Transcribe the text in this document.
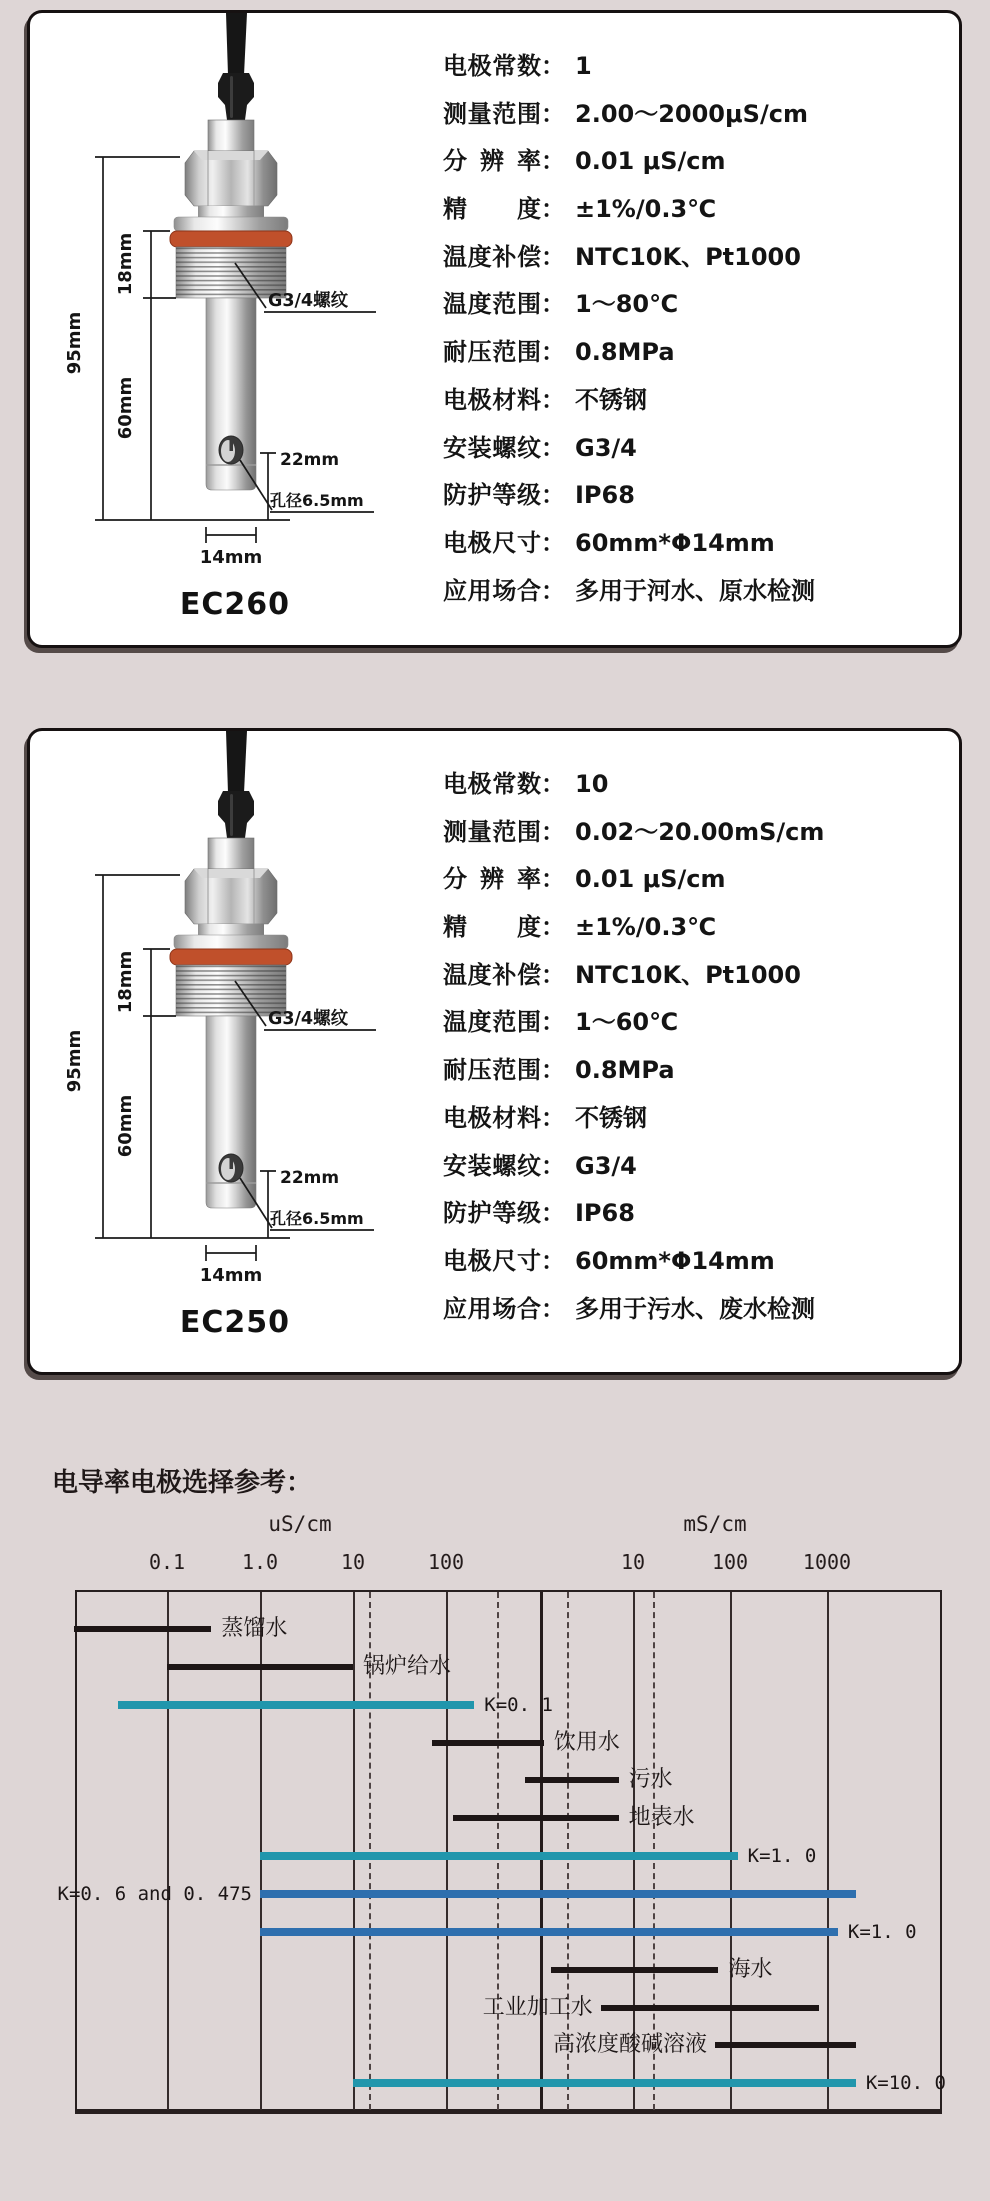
95mm
18mm
60mm
22mm
孔径6.5mm
14mm
G3/4螺纹
EC260
电极常数： 1
测量范围： 2.00～2000μS/cm
分辨率： 0.01 μS/cm
精度： ±1%/0.3℃
温度补偿： NTC10K、Pt1000
温度范围： 1～80℃
耐压范围： 0.8MPa
电极材料： 不锈钢
安装螺纹： G3/4
防护等级： IP68
电极尺寸： 60mm*Φ14mm
应用场合： 多用于河水、原水检测
95mm
18mm
60mm
22mm
孔径6.5mm
14mm
G3/4螺纹
EC250
电极常数： 10
测量范围： 0.02～20.00mS/cm
分辨率： 0.01 μS/cm
精度： ±1%/0.3℃
温度补偿： NTC10K、Pt1000
温度范围： 1～60℃
耐压范围： 0.8MPa
电极材料： 不锈钢
安装螺纹： G3/4
防护等级： IP68
电极尺寸： 60mm*Φ14mm
应用场合： 多用于污水、废水检测
电导率电极选择参考：
uS/cm	mS/cm
0.1	1.0	10	100	10	100	1000
蒸馏水
锅炉给水
K=0. 1
饮用水
污水
地表水
K=1. 0
K=0. 6 and 0. 475
K=1. 0
海水
工业加工水
高浓度酸碱溶液
K=10. 0
